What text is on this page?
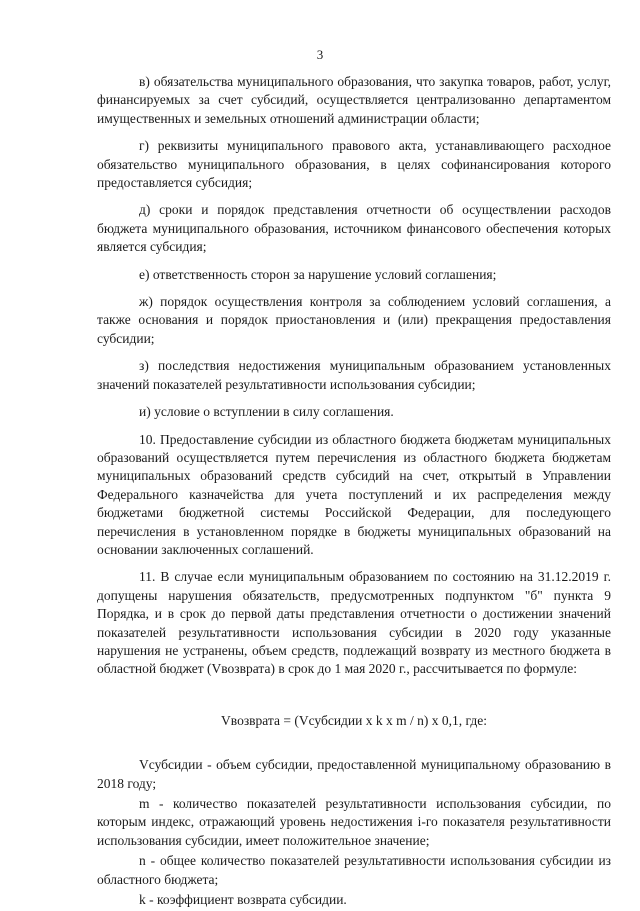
3

в) обязательства муниципального образования, что закупка товаров, работ, услуг, финансируемых за счет субсидий, осуществляется централизованно департаментом имущественных и земельных отношений администрации области;

г) реквизиты муниципального правового акта, устанавливающего расходное обязательство муниципального образования, в целях софинансирования которого предоставляется субсидия;

д) сроки и порядок представления отчетности об осуществлении расходов бюджета муниципального образования, источником финансового обеспечения которых является субсидия;

е) ответственность сторон за нарушение условий соглашения;

ж) порядок осуществления контроля за соблюдением условий соглашения, а также основания и порядок приостановления и (или) прекращения предоставления субсидии;

з) последствия недостижения муниципальным образованием установленных значений показателей результативности использования субсидии;

и) условие о вступлении в силу соглашения.

10. Предоставление субсидии из областного бюджета бюджетам муниципальных образований осуществляется путем перечисления из областного бюджета бюджетам муниципальных образований средств субсидий на счет, открытый в Управлении Федерального казначейства для учета поступлений и их распределения между бюджетами бюджетной системы Российской Федерации, для последующего перечисления в установленном порядке в бюджеты муниципальных образований на основании заключенных соглашений.

11. В случае если муниципальным образованием по состоянию на 31.12.2019 г. допущены нарушения обязательств, предусмотренных подпунктом "б" пункта 9 Порядка, и в срок до первой даты представления отчетности о достижении значений показателей результативности использования субсидии в 2020 году указанные нарушения не устранены, объем средств, подлежащий возврату из местного бюджета в областной бюджет (Vвозврата) в срок до 1 мая 2020 г., рассчитывается по формуле:

Vвозврата = (Vсубсидии x k x m / n) x 0,1, где:

Vсубсидии - объем субсидии, предоставленной муниципальному образованию в 2018 году;

m - количество показателей результативности использования субсидии, по которым индекс, отражающий уровень недостижения i-го показателя результативности использования субсидии, имеет положительное значение;

n - общее количество показателей результативности использования субсидии из областного бюджета;

k - коэффициент возврата субсидии.
